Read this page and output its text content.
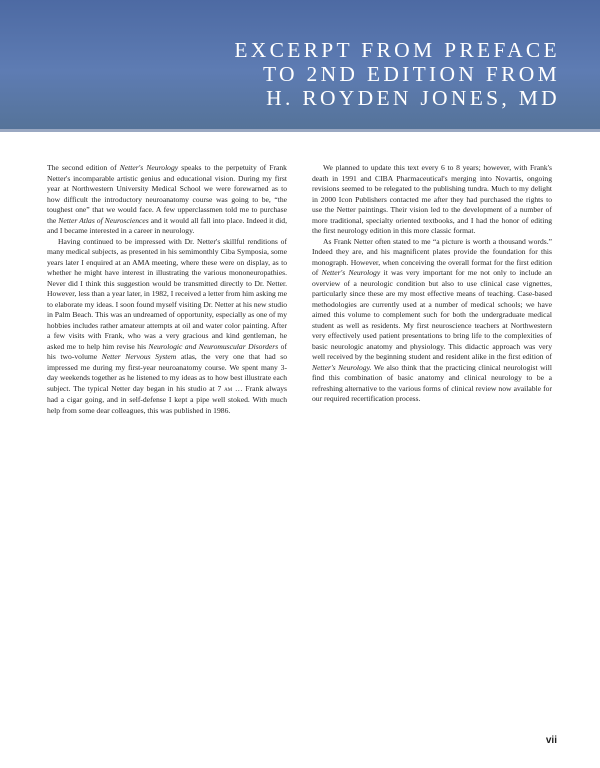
EXCERPT FROM PREFACE
TO 2ND EDITION FROM
H. ROYDEN JONES, MD

The second edition of Netter's Neurology speaks to the perpetuity of Frank Netter's incomparable artistic genius and educational vision. During my first year at Northwestern University Medical School we were forewarned as to how difficult the introductory neuroanatomy course was going to be, “the toughest one” that we would face. A few upperclassmen told me to purchase the Netter Atlas of Neurosciences and it would all fall into place. Indeed it did, and I became interested in a career in neurology.

Having continued to be impressed with Dr. Netter's skillful renditions of many medical subjects, as presented in his semimonthly Ciba Symposia, some years later I enquired at an AMA meeting, where these were on display, as to whether he might have interest in illustrating the various mononeuropathies. Never did I think this suggestion would be transmitted directly to Dr. Netter. However, less than a year later, in 1982, I received a letter from him asking me to elaborate my ideas. I soon found myself visiting Dr. Netter at his new studio in Palm Beach. This was an undreamed of opportunity, especially as one of my hobbies includes rather amateur attempts at oil and water color painting. After a few visits with Frank, who was a very gracious and kind gentleman, he asked me to help him revise his Neurologic and Neuromuscular Disorders of his two-volume Netter Nervous System atlas, the very one that had so impressed me during my first-year neuroanatomy course. We spent many 3-day weekends together as he listened to my ideas as to how best illustrate each subject. The typical Netter day began in his studio at 7 am … Frank always had a cigar going, and in self-defense I kept a pipe well stoked. With much help from some dear colleagues, this was published in 1986.

We planned to update this text every 6 to 8 years; however, with Frank's death in 1991 and CIBA Pharmaceutical's merging into Novartis, ongoing revisions seemed to be relegated to the publishing tundra. Much to my delight in 2000 Icon Publishers contacted me after they had purchased the rights to use the Netter paintings. Their vision led to the development of a number of more traditional, specialty oriented textbooks, and I had the honor of editing the first neurology edition in this more classic format.

As Frank Netter often stated to me “a picture is worth a thousand words.” Indeed they are, and his magnificent plates provide the foundation for this monograph. However, when conceiving the overall format for the first edition of Netter's Neurology it was very important for me not only to include an overview of a neurologic condition but also to use clinical case vignettes, particularly since these are my most effective means of teaching. Case-based methodologies are currently used at a number of medical schools; we have aimed this volume to complement such for both the undergraduate medical student as well as residents. My first neuroscience teachers at Northwestern very effectively used patient presentations to bring life to the complexities of basic neurologic anatomy and physiology. This didactic approach was very well received by the beginning student and resident alike in the first edition of Netter's Neurology. We also think that the practicing clinical neurologist will find this combination of basic anatomy and clinical neurology to be a refreshing alternative to the various forms of clinical review now available for our required recertification process.

vii
